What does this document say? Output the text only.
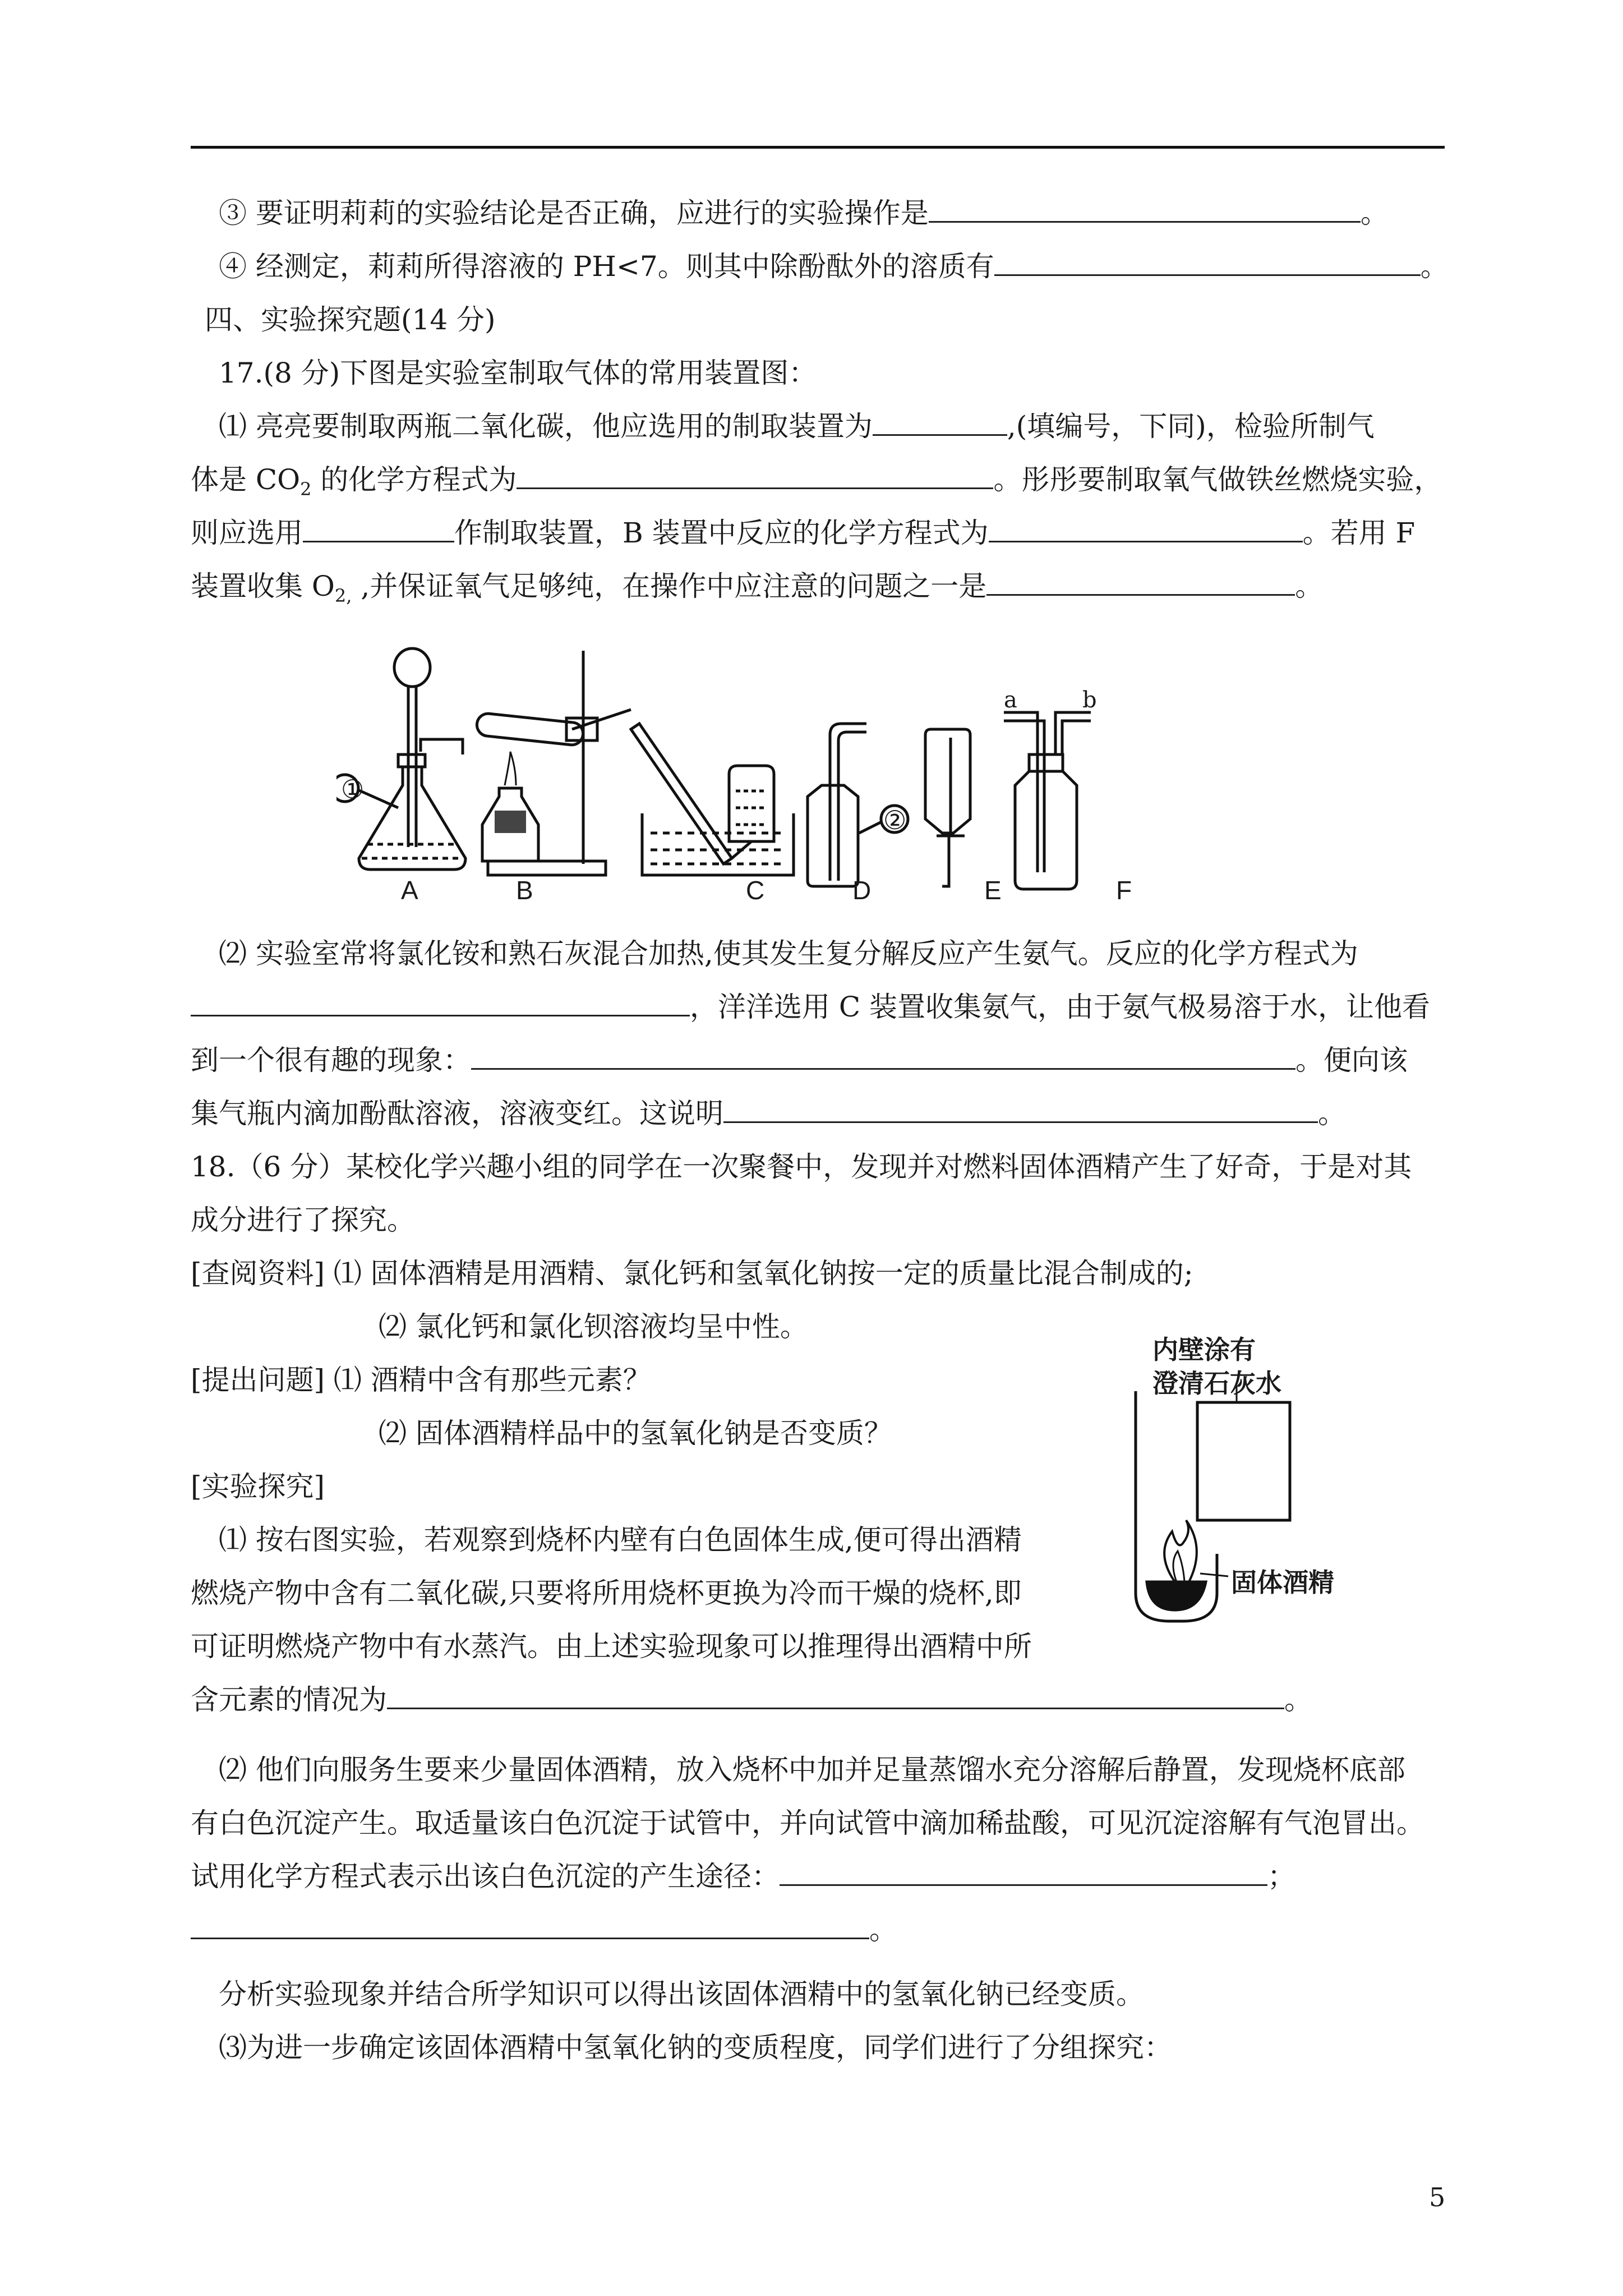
③ 要证明莉莉的实验结论是否正确，应进行的实验操作是	。
④ 经测定，莉莉所得溶液的 PH<7。则其中除酚酞外的溶质有	。
四、实验探究题(14 分)
17.(8 分)下图是实验室制取气体的常用装置图：
⑴ 亮亮要制取两瓶二氧化碳，他应选用的制取装置为	,(填编号，下同)，检验所制气
体是 $CO_2$ 的化学方程式为	。彤彤要制取氧气做铁丝燃烧实验，
则应选用	作制取装置，B 装置中反应的化学方程式为	。若用 F
装置收集 $O_{2,}$ ,并保证氧气足够纯，在操作中应注意的问题之一是	。
①
②
a	b
A	B	C	D	E	F
⑵ 实验室常将氯化铵和熟石灰混合加热,使其发生复分解反应产生氨气。反应的化学方程式为
，洋洋选用 C 装置收集氨气，由于氨气极易溶于水，让他看
到一个很有趣的现象：	。便向该
集气瓶内滴加酚酞溶液，溶液变红。这说明	。
18.（6 分）某校化学兴趣小组的同学在一次聚餐中，发现并对燃料固体酒精产生了好奇，于是对其
成分进行了探究。
[查阅资料] ⑴ 固体酒精是用酒精、氯化钙和氢氧化钠按一定的质量比混合制成的;
⑵ 氯化钙和氯化钡溶液均呈中性。
[提出问题] ⑴ 酒精中含有那些元素？
⑵ 固体酒精样品中的氢氧化钠是否变质？
[实验探究]
⑴ 按右图实验，若观察到烧杯内壁有白色固体生成,便可得出酒精
燃烧产物中含有二氧化碳,只要将所用烧杯更换为冷而干燥的烧杯,即
可证明燃烧产物中有水蒸汽。由上述实验现象可以推理得出酒精中所
含元素的情况为	。
内壁涂有
澄清石灰水
固体酒精
⑵ 他们向服务生要来少量固体酒精，放入烧杯中加并足量蒸馏水充分溶解后静置，发现烧杯底部
有白色沉淀产生。取适量该白色沉淀于试管中，并向试管中滴加稀盐酸，可见沉淀溶解有气泡冒出。
试用化学方程式表示出该白色沉淀的产生途径：	；
。
分析实验现象并结合所学知识可以得出该固体酒精中的氢氧化钠已经变质。
⑶为进一步确定该固体酒精中氢氧化钠的变质程度，同学们进行了分组探究：
5
